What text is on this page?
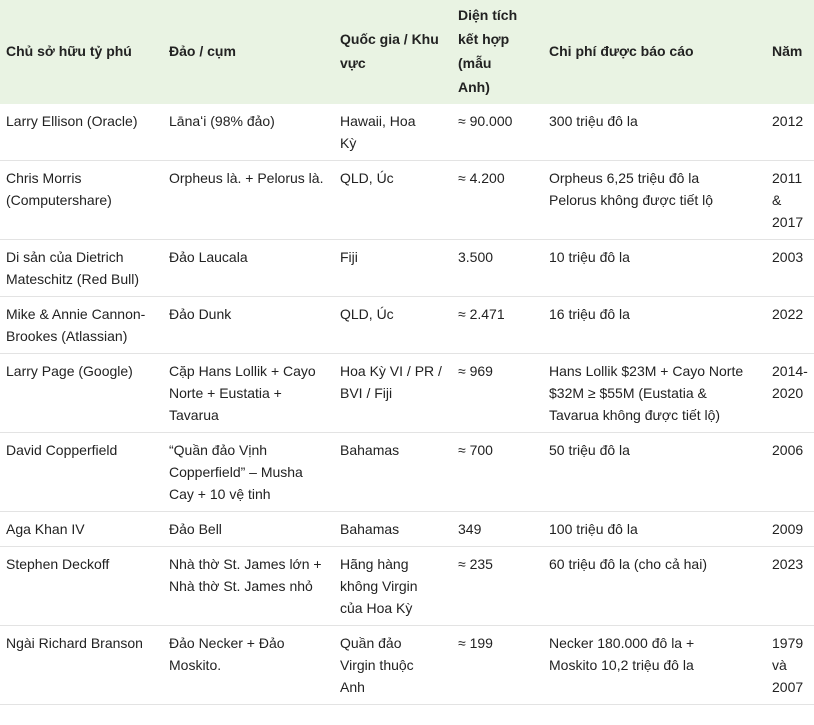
Chủ sở hữu tỷ phú	Đảo / cụm	Quốc gia / Khu vực	Diện tích kết hợp (mẫu Anh)	Chi phí được báo cáo	Năm
Larry Ellison (Oracle)	Lānaʻi (98% đảo)	Hawaii, Hoa Kỳ	≈ 90.000	300 triệu đô la	2012
Chris Morris (Computershare)	Orpheus là. + Pelorus là.	QLD, Úc	≈ 4.200	Orpheus 6,25 triệu đô la Pelorus không được tiết lộ	2011 & 2017
Di sản của Dietrich Mateschitz (Red Bull)	Đảo Laucala	Fiji	3.500	10 triệu đô la	2003
Mike & Annie Cannon-Brookes (Atlassian)	Đảo Dunk	QLD, Úc	≈ 2.471	16 triệu đô la	2022
Larry Page (Google)	Cặp Hans Lollik + Cayo Norte + Eustatia + Tavarua	Hoa Kỳ VI / PR / BVI / Fiji	≈ 969	Hans Lollik $23M + Cayo Norte $32M ≥ $55M (Eustatia & Tavarua không được tiết lộ)	2014-2020
David Copperfield	“Quần đảo Vịnh Copperfield” – Musha Cay + 10 vệ tinh	Bahamas	≈ 700	50 triệu đô la	2006
Aga Khan IV	Đảo Bell	Bahamas	349	100 triệu đô la	2009
Stephen Deckoff	Nhà thờ St. James lớn + Nhà thờ St. James nhỏ	Hãng hàng không Virgin của Hoa Kỳ	≈ 235	60 triệu đô la (cho cả hai)	2023
Ngài Richard Branson	Đảo Necker + Đảo Moskito.	Quần đảo Virgin thuộc Anh	≈ 199	Necker 180.000 đô la + Moskito 10,2 triệu đô la	1979 và 2007
